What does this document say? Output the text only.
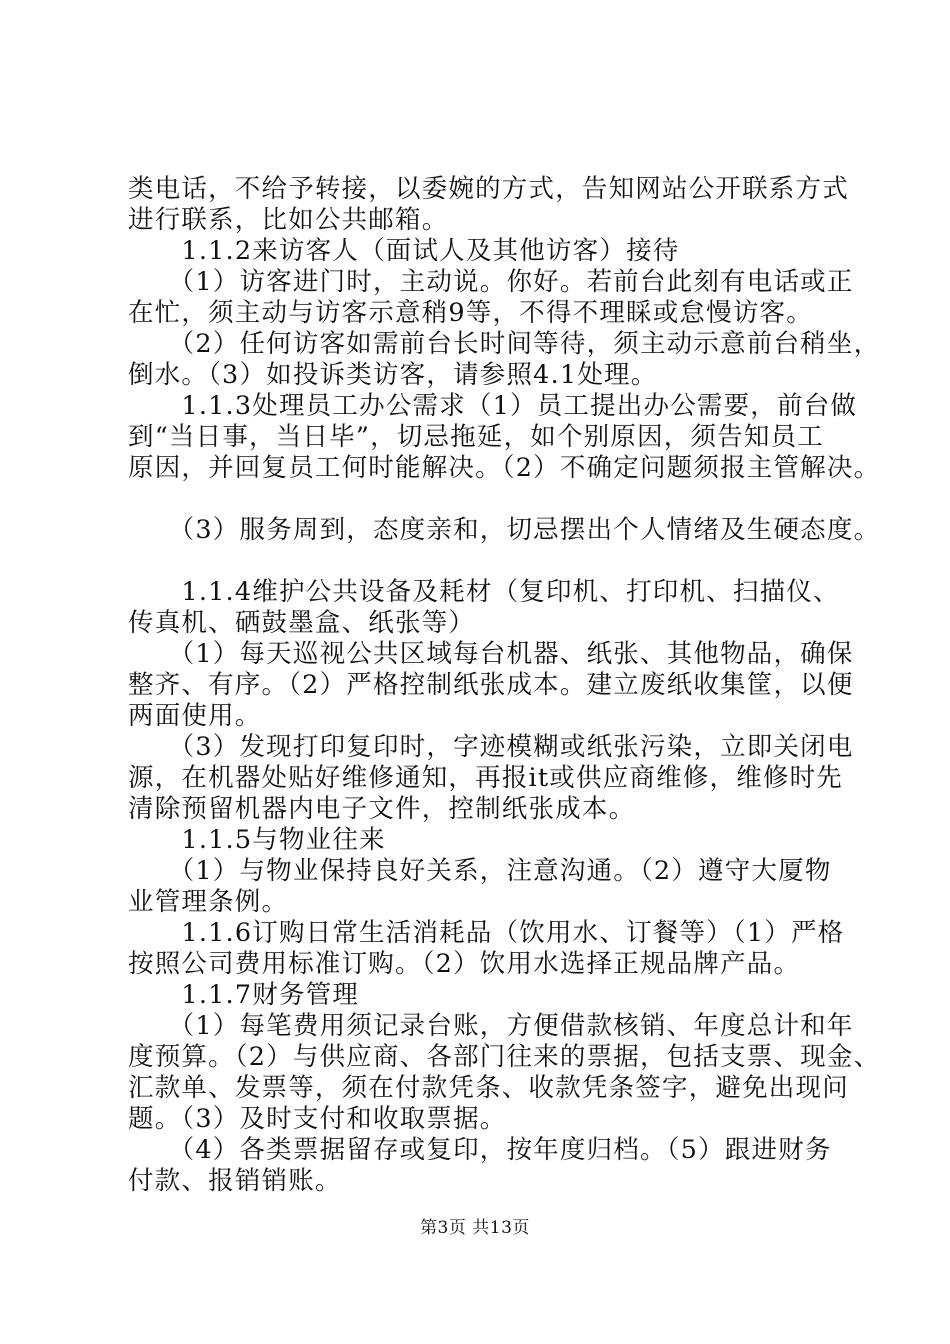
类电话，不给予转接，以委婉的方式，告知网站公开联系方式
进行联系，比如公共邮箱。
　　1.1.2来访客人（面试人及其他访客）接待
　　（1）访客进门时，主动说。你好。若前台此刻有电话或正
在忙，须主动与访客示意稍9等，不得不理睬或怠慢访客。
　　（2）任何访客如需前台长时间等待，须主动示意前台稍坐，
倒水。（3）如投诉类访客，请参照4.1处理。
　　1.1.3处理员工办公需求（1）员工提出办公需要，前台做
到“当日事，当日毕”，切忌拖延，如个别原因，须告知员工
原因，并回复员工何时能解决。（2）不确定问题须报主管解决。
　　（3）服务周到，态度亲和，切忌摆出个人情绪及生硬态度。
　　1.1.4维护公共设备及耗材（复印机、打印机、扫描仪、
传真机、硒鼓墨盒、纸张等）
　　（1）每天巡视公共区域每台机器、纸张、其他物品，确保
整齐、有序。（2）严格控制纸张成本。建立废纸收集筐，以便
两面使用。
　　（3）发现打印复印时，字迹模糊或纸张污染，立即关闭电
源，在机器处贴好维修通知，再报it或供应商维修，维修时先
清除预留机器内电子文件，控制纸张成本。
　　1.1.5与物业往来
　　（1）与物业保持良好关系，注意沟通。（2）遵守大厦物
业管理条例。
　　1.1.6订购日常生活消耗品（饮用水、订餐等）（1）严格
按照公司费用标准订购。（2）饮用水选择正规品牌产品。
　　1.1.7财务管理
　　（1）每笔费用须记录台账，方便借款核销、年度总计和年
度预算。（2）与供应商、各部门往来的票据，包括支票、现金、
汇款单、发票等，须在付款凭条、收款凭条签字，避免出现问
题。（3）及时支付和收取票据。
　　（4）各类票据留存或复印，按年度归档。（5）跟进财务
付款、报销销账。
第3页 共13页
